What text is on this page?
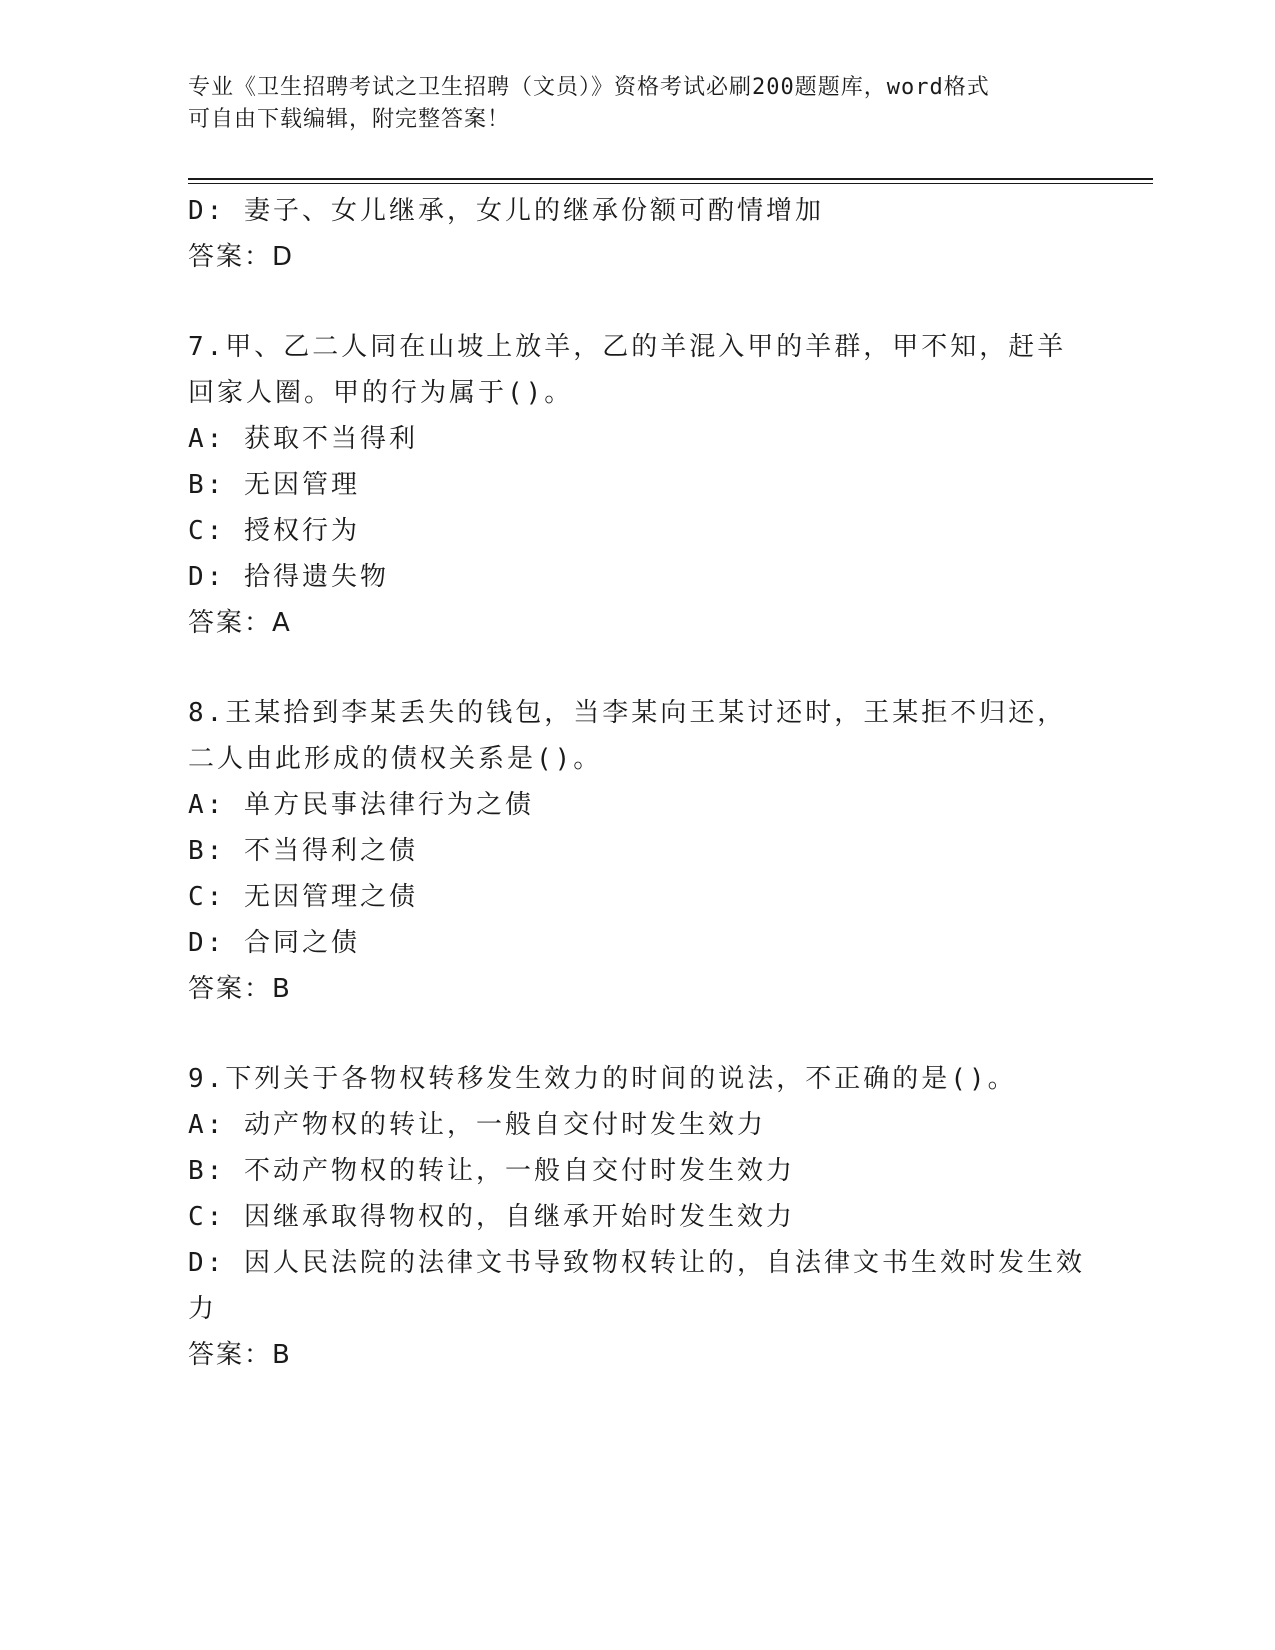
专业《卫生招聘考试之卫生招聘（文员）》资格考试必刷200题题库，word格式
可自由下载编辑，附完整答案！
D: 妻子、女儿继承，女儿的继承份额可酌情增加
答案：D
7.甲、乙二人同在山坡上放羊，乙的羊混入甲的羊群，甲不知，赶羊
回家人圈。甲的行为属于()。
A: 获取不当得利
B: 无因管理
C: 授权行为
D: 拾得遗失物
答案：A
8.王某拾到李某丢失的钱包，当李某向王某讨还时，王某拒不归还，
二人由此形成的债权关系是()。
A: 单方民事法律行为之债
B: 不当得利之债
C: 无因管理之债
D: 合同之债
答案：B
9.下列关于各物权转移发生效力的时间的说法，不正确的是()。
A: 动产物权的转让，一般自交付时发生效力
B: 不动产物权的转让，一般自交付时发生效力
C: 因继承取得物权的，自继承开始时发生效力
D: 因人民法院的法律文书导致物权转让的，自法律文书生效时发生效
力
答案：B
